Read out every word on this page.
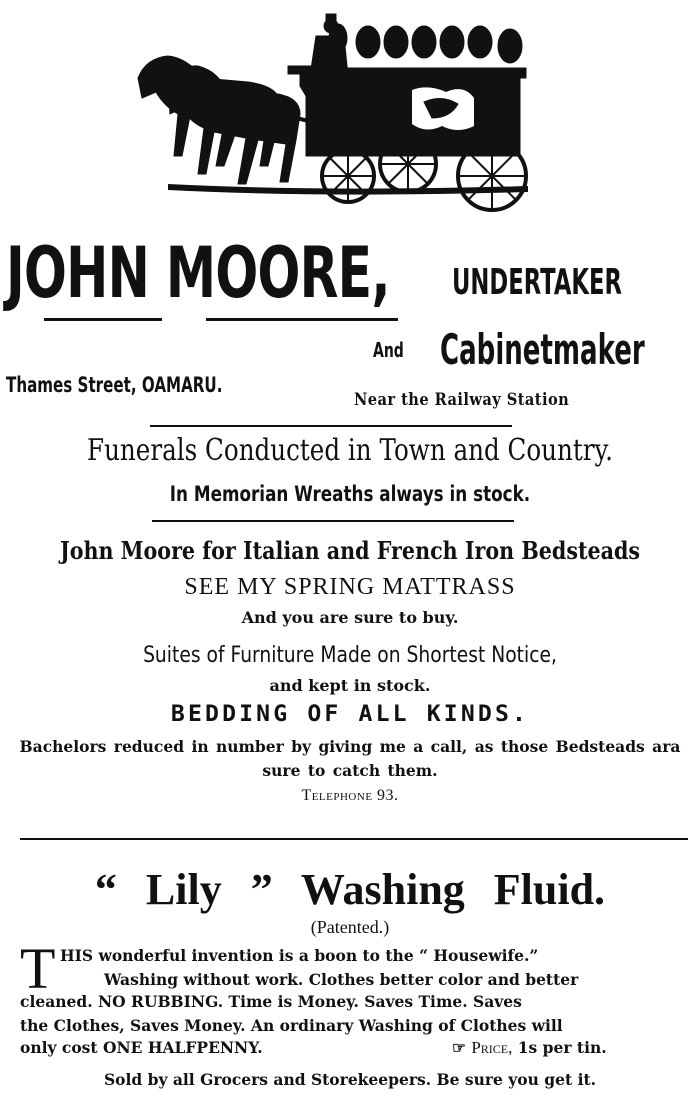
JOHN MOORE, UNDERTAKER
And Cabinetmaker
Thames Street, OAMARU.
Near the Railway Station
Funerals Conducted in Town and Country.
In Memorian Wreaths always in stock.
John Moore for Italian and French Iron Bedsteads
SEE MY SPRING MATTRASS
And you are sure to buy.
Suites of Furniture Made on Shortest Notice,
and kept in stock.
BEDDING OF ALL KINDS.
Bachelors reduced in number by giving me a call, as those Bedsteads ara sure to catch them.
Telephone 93.
“ Lily ” Washing Fluid.
(Patented.)
T HIS wonderful invention is a boon to the “ Housewife.”
Washing without work. Clothes better color and better
cleaned. NO RUBBING. Time is Money. Saves Time. Saves
the Clothes, Saves Money. An ordinary Washing of Clothes will
only cost ONE HALFPENNY.	☞ Price, 1s per tin.
Sold by all Grocers and Storekeepers. Be sure you get it.
